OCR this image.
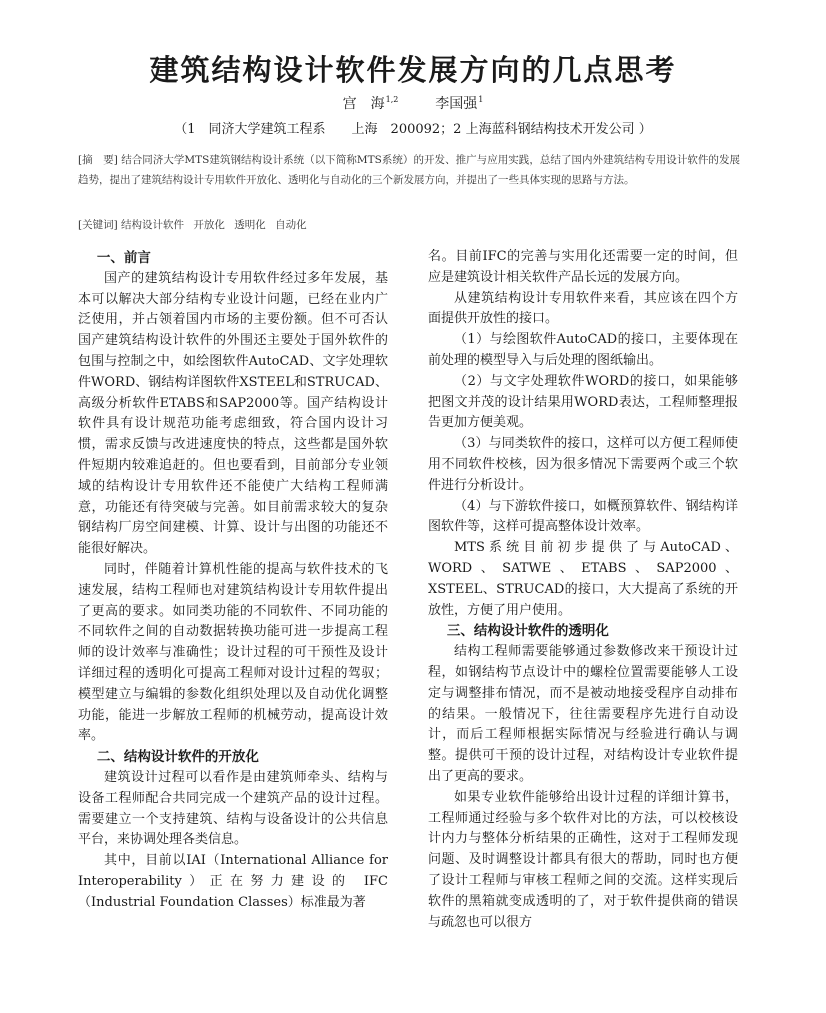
建筑结构设计软件发展方向的几点思考
宫　海$^{1,2}$	李国强$^1$
（1　同济大学建筑工程系　　上海　200092；2 上海蓝科钢结构技术开发公司 ）

[摘　要] 结合同济大学MTS建筑钢结构设计系统（以下简称MTS系统）的开发、推广与应用实践，总结了国内外建筑结构专用设计软件的发展趋势，提出了建筑结构设计专用软件开放化、透明化与自动化的三个新发展方向，并提出了一些具体实现的思路与方法。

[关键词] 结构设计软件 开放化 透明化 自动化

一、前言

国产的建筑结构设计专用软件经过多年发展，基本可以解决大部分结构专业设计问题，已经在业内广泛使用，并占领着国内市场的主要份额。但不可否认国产建筑结构设计软件的外围还主要处于国外软件的包围与控制之中，如绘图软件AutoCAD、文字处理软件WORD、钢结构详图软件XSTEEL和STRUCAD、高级分析软件ETABS和SAP2000等。国产结构设计软件具有设计规范功能考虑细致，符合国内设计习惯，需求反馈与改进速度快的特点，这些都是国外软件短期内较难追赶的。但也要看到，目前部分专业领域的结构设计专用软件还不能使广大结构工程师满意，功能还有待突破与完善。如目前需求较大的复杂钢结构厂房空间建模、计算、设计与出图的功能还不能很好解决。

同时，伴随着计算机性能的提高与软件技术的飞速发展，结构工程师也对建筑结构设计专用软件提出了更高的要求。如同类功能的不同软件、不同功能的不同软件之间的自动数据转换功能可进一步提高工程师的设计效率与准确性；设计过程的可干预性及设计详细过程的透明化可提高工程师对设计过程的驾驭；模型建立与编辑的参数化组织处理以及自动优化调整功能，能进一步解放工程师的机械劳动，提高设计效率。

二、结构设计软件的开放化

建筑设计过程可以看作是由建筑师牵头、结构与设备工程师配合共同完成一个建筑产品的设计过程。需要建立一个支持建筑、结构与设备设计的公共信息平台，来协调处理各类信息。

其中，目前以IAI（International Alliance for Interoperability）正在努力建设的 IFC（Industrial Foundation Classes）标准最为著

名。目前IFC的完善与实用化还需要一定的时间，但应是建筑设计相关软件产品长远的发展方向。

从建筑结构设计专用软件来看，其应该在四个方面提供开放性的接口。

（1）与绘图软件AutoCAD的接口，主要体现在前处理的模型导入与后处理的图纸输出。

（2）与文字处理软件WORD的接口，如果能够把图文并茂的设计结果用WORD表达，工程师整理报告更加方便美观。

（3）与同类软件的接口，这样可以方便工程师使用不同软件校核，因为很多情况下需要两个或三个软件进行分析设计。

（4）与下游软件接口，如概预算软件、钢结构详图软件等，这样可提高整体设计效率。

MTS系统目前初步提供了与AutoCAD、WORD、SATWE、ETABS、SAP2000、XSTEEL、STRUCAD的接口，大大提高了系统的开放性，方便了用户使用。

三、结构设计软件的透明化

结构工程师需要能够通过参数修改来干预设计过程，如钢结构节点设计中的螺栓位置需要能够人工设定与调整排布情况，而不是被动地接受程序自动排布的结果。一般情况下，往往需要程序先进行自动设计，而后工程师根据实际情况与经验进行确认与调整。提供可干预的设计过程，对结构设计专业软件提出了更高的要求。

如果专业软件能够给出设计过程的详细计算书，工程师通过经验与多个软件对比的方法，可以校核设计内力与整体分析结果的正确性，这对于工程师发现问题、及时调整设计都具有很大的帮助，同时也方便了设计工程师与审核工程师之间的交流。这样实现后软件的黑箱就变成透明的了，对于软件提供商的错误与疏忽也可以很方
